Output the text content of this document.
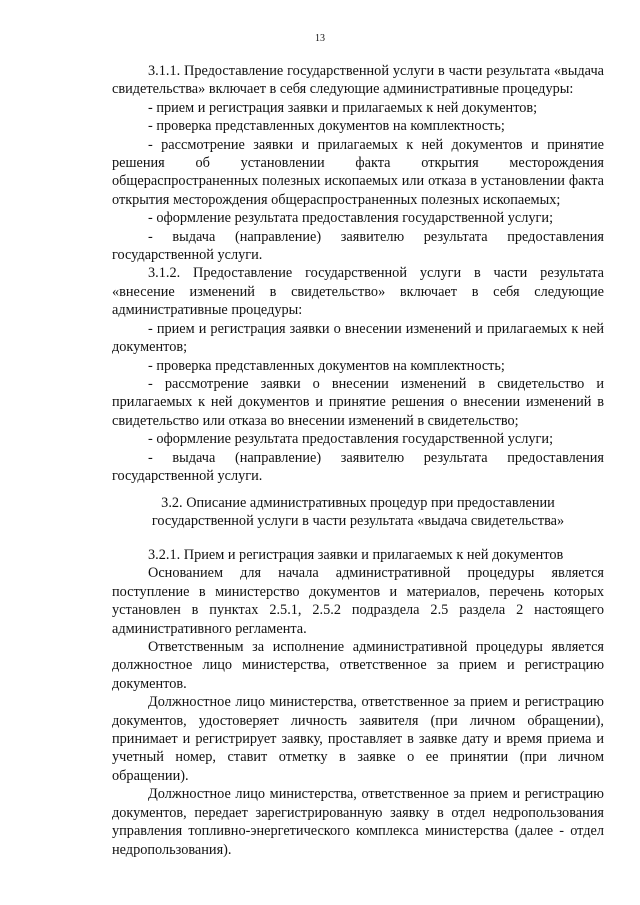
13

3.1.1. Предоставление государственной услуги в части результата «выдача свидетельства» включает в себя следующие административные процедуры:

- прием и регистрация заявки и прилагаемых к ней документов;

- проверка представленных документов на комплектность;

- рассмотрение заявки и прилагаемых к ней документов и принятие решения об установлении факта открытия месторождения общераспространенных полезных ископаемых или отказа в установлении факта открытия месторождения общераспространенных полезных ископаемых;

- оформление результата предоставления государственной услуги;

- выдача (направление) заявителю результата предоставления государственной услуги.

3.1.2. Предоставление государственной услуги в части результата «внесение изменений в свидетельство» включает в себя следующие административные процедуры:

- прием и регистрация заявки о внесении изменений и прилагаемых к ней документов;

- проверка представленных документов на комплектность;

- рассмотрение заявки о внесении изменений в свидетельство и прилагаемых к ней документов и принятие решения о внесении изменений в свидетельство или отказа во внесении изменений в свидетельство;

- оформление результата предоставления государственной услуги;

- выдача (направление) заявителю результата предоставления государственной услуги.

3.2. Описание административных процедур при предоставлении государственной услуги в части результата «выдача свидетельства»

3.2.1. Прием и регистрация заявки и прилагаемых к ней документов

Основанием для начала административной процедуры является поступление в министерство документов и материалов, перечень которых установлен в пунктах 2.5.1, 2.5.2 подраздела 2.5 раздела 2 настоящего административного регламента.

Ответственным за исполнение административной процедуры является должностное лицо министерства, ответственное за прием и регистрацию документов.

Должностное лицо министерства, ответственное за прием и регистрацию документов, удостоверяет личность заявителя (при личном обращении), принимает и регистрирует заявку, проставляет в заявке дату и время приема и учетный номер, ставит отметку в заявке о ее принятии (при личном обращении).

Должностное лицо министерства, ответственное за прием и регистрацию документов, передает зарегистрированную заявку в отдел недропользования управления топливно-энергетического комплекса министерства (далее - отдел недропользования).
